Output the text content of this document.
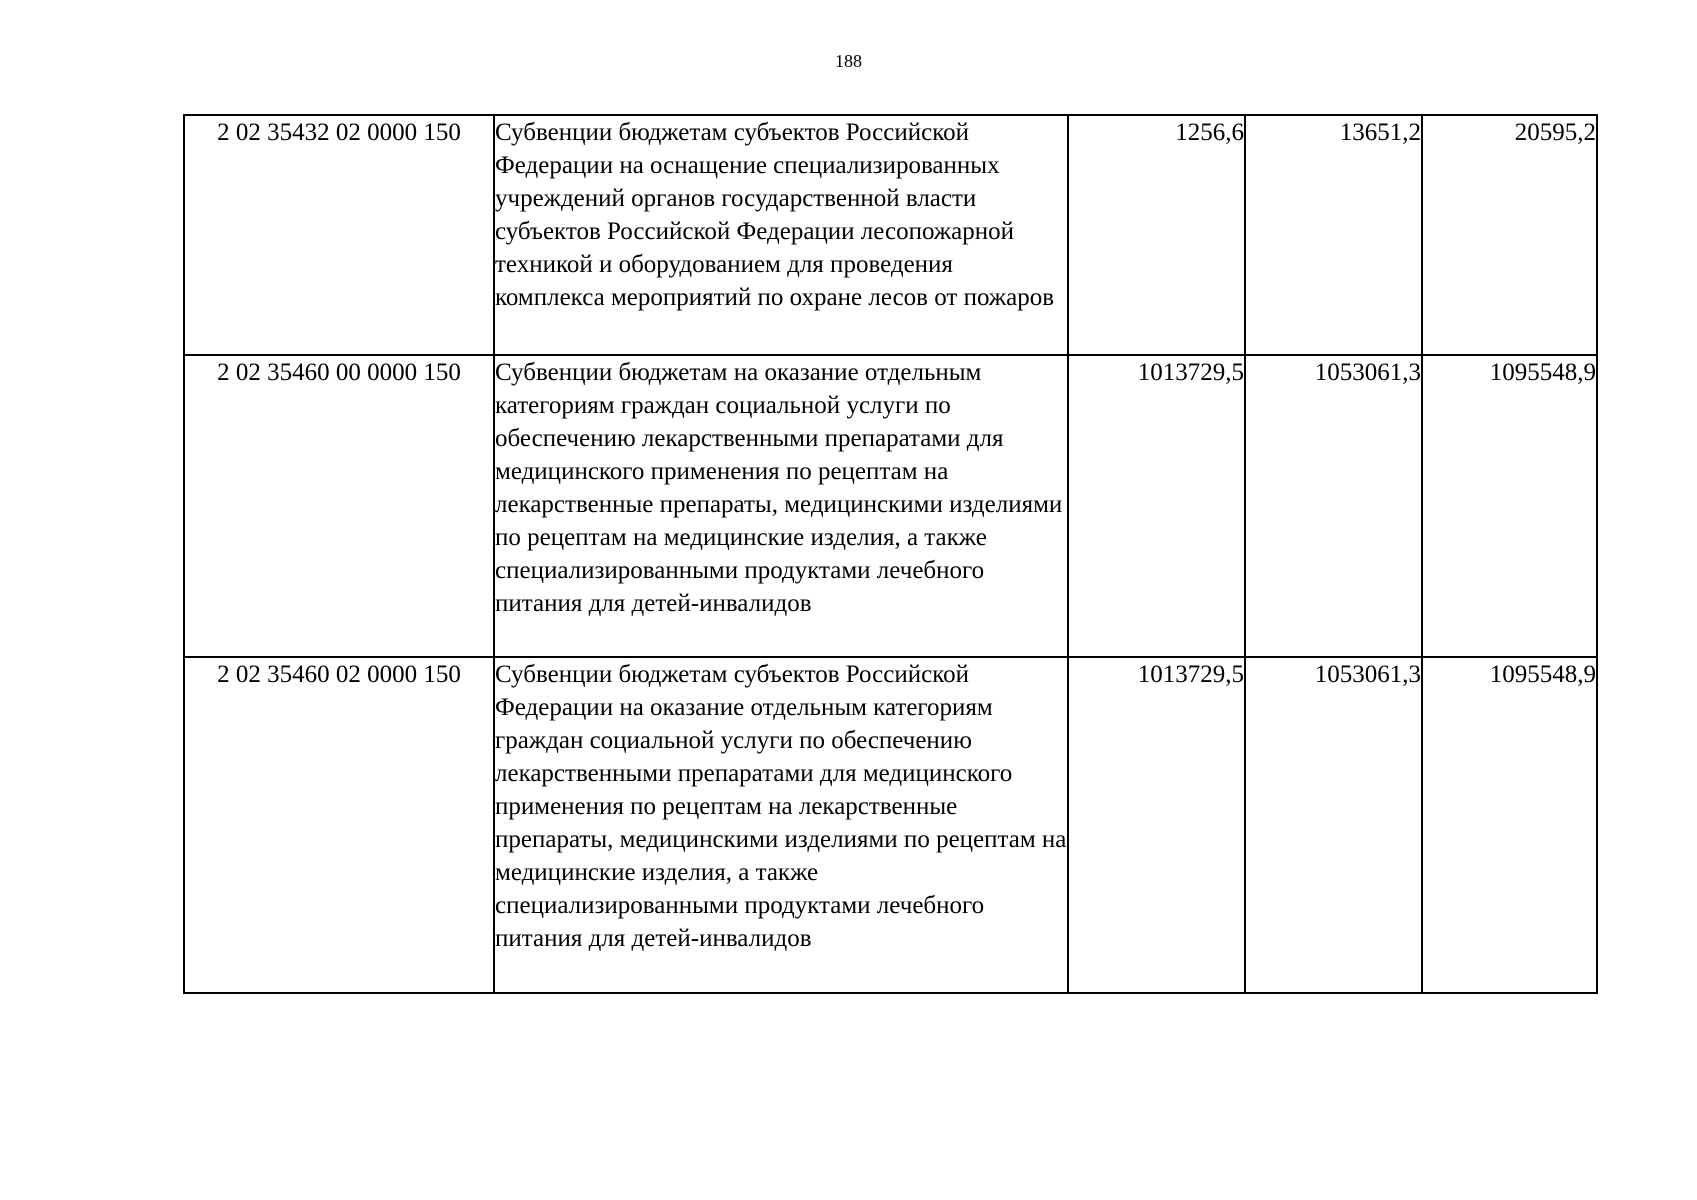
188
2 02 35432 02 0000 150	Субвенции бюджетам субъектов Российской Федерации на оснащение специализированных учреждений органов государственной власти субъектов Российской Федерации лесопожарной техникой и оборудованием для проведения комплекса мероприятий по охране лесов от пожаров	1256,6	13651,2	20595,2
2 02 35460 00 0000 150	Субвенции бюджетам на оказание отдельным категориям граждан социальной услуги по обеспечению лекарственными препаратами для медицинского применения по рецептам на лекарственные препараты, медицинскими изделиями по рецептам на медицинские изделия, а также специализированными продуктами лечебного питания для детей-инвалидов	1013729,5	1053061,3	1095548,9
2 02 35460 02 0000 150	Субвенции бюджетам субъектов Российской Федерации на оказание отдельным категориям граждан социальной услуги по обеспечению лекарственными препаратами для медицинского применения по рецептам на лекарственные препараты, медицинскими изделиями по рецептам на медицинские изделия, а также специализированными продуктами лечебного питания для детей-инвалидов	1013729,5	1053061,3	1095548,9
